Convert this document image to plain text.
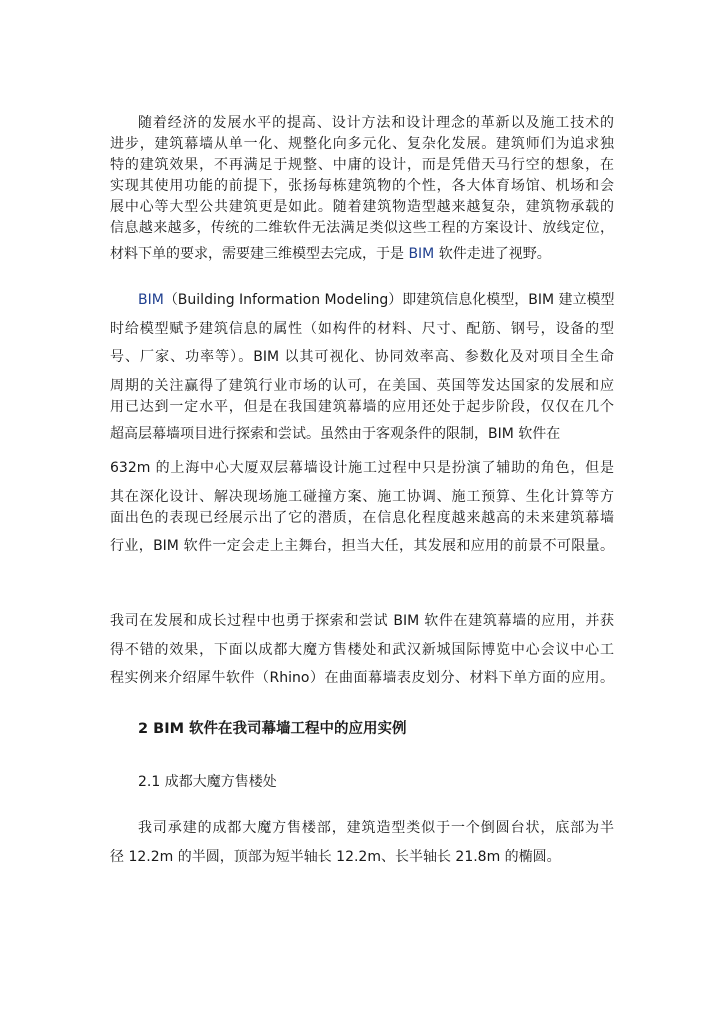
随着经济的发展水平的提高、设计方法和设计理念的革新以及施工技术的
进步，建筑幕墙从单一化、规整化向多元化、复杂化发展。建筑师们为追求独
特的建筑效果，不再满足于规整、中庸的设计，而是凭借天马行空的想象，在
实现其使用功能的前提下，张扬每栋建筑物的个性，各大体育场馆、机场和会
展中心等大型公共建筑更是如此。随着建筑物造型越来越复杂，建筑物承载的
信息越来越多，传统的二维软件无法满足类似这些工程的方案设计、放线定位，
材料下单的要求，需要建三维模型去完成，于是 BIM 软件走进了视野。
BIM（Building Information Modeling）即建筑信息化模型，BIM 建立模型
时给模型赋予建筑信息的属性（如构件的材料、尺寸、配筋、钢号，设备的型
号、厂家、功率等）。BIM 以其可视化、协同效率高、参数化及对项目全生命
周期的关注赢得了建筑行业市场的认可，在美国、英国等发达国家的发展和应
用已达到一定水平，但是在我国建筑幕墙的应用还处于起步阶段，仅仅在几个
超高层幕墙项目进行探索和尝试。虽然由于客观条件的限制，BIM 软件在
632m 的上海中心大厦双层幕墙设计施工过程中只是扮演了辅助的角色，但是
其在深化设计、解决现场施工碰撞方案、施工协调、施工预算、生化计算等方
面出色的表现已经展示出了它的潜质，在信息化程度越来越高的未来建筑幕墙
行业，BIM 软件一定会走上主舞台，担当大任，其发展和应用的前景不可限量。
我司在发展和成长过程中也勇于探索和尝试 BIM 软件在建筑幕墙的应用，并获
得不错的效果，下面以成都大魔方售楼处和武汉新城国际博览中心会议中心工
程实例来介绍犀牛软件（Rhino）在曲面幕墙表皮划分、材料下单方面的应用。
2 BIM 软件在我司幕墙工程中的应用实例
2.1 成都大魔方售楼处
我司承建的成都大魔方售楼部，建筑造型类似于一个倒圆台状，底部为半
径 12.2m 的半圆，顶部为短半轴长 12.2m、长半轴长 21.8m 的椭圆。
